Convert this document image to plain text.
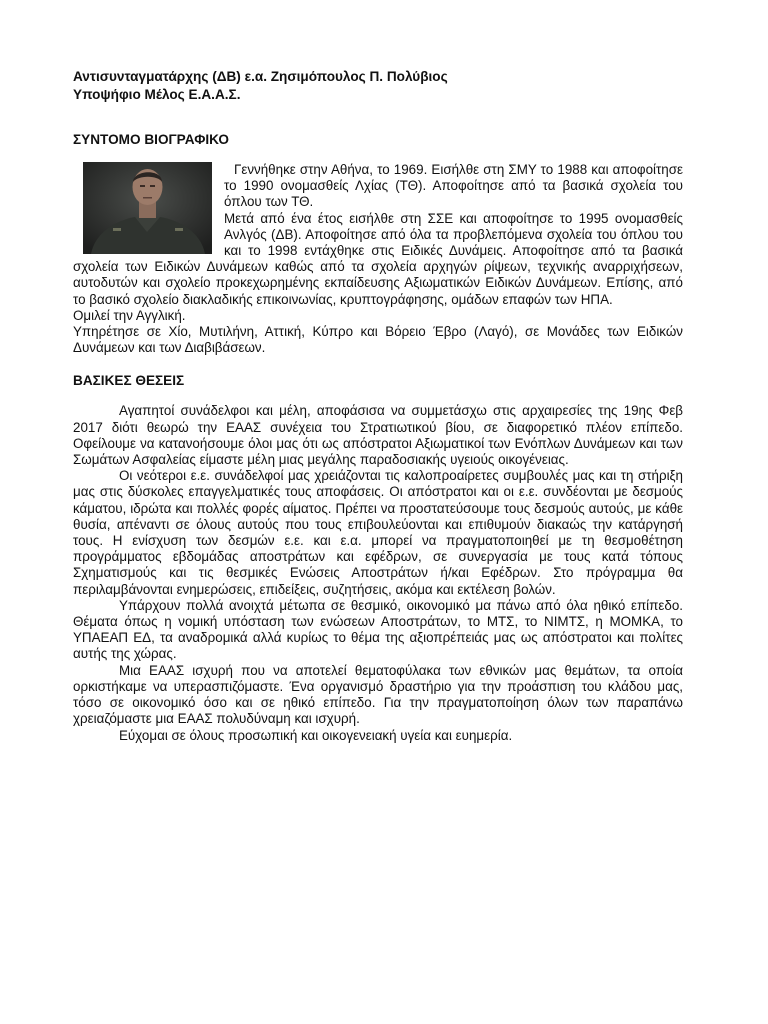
Αντισυνταγματάρχης (ΔΒ) ε.α. Ζησιμόπουλος Π. Πολύβιος
Υποψήφιο Μέλος Ε.Α.Α.Σ.
ΣΥΝΤΟΜΟ ΒΙΟΓΡΑΦΙΚΟ

Γεννήθηκε στην Αθήνα, το 1969. Εισήλθε στη ΣΜΥ το 1988 και αποφοίτησε το 1990 ονομασθείς Λχίας (ΤΘ). Αποφοίτησε από τα βασικά σχολεία του όπλου των ΤΘ.

Μετά από ένα έτος εισήλθε στη ΣΣΕ και αποφοίτησε το 1995 ονομασθείς Ανλγός (ΔΒ). Αποφοίτησε από όλα τα προβλεπόμενα σχολεία του όπλου του και το 1998 εντάχθηκε στις Ειδικές Δυνάμεις. Αποφοίτησε από τα βασικά σχολεία των Ειδικών Δυνάμεων καθώς από τα σχολεία αρχηγών ρίψεων, τεχνικής αναρριχήσεων, αυτοδυτών και σχολείο προκεχωρημένης εκπαίδευσης Αξιωματικών Ειδικών Δυνάμεων. Επίσης, από το βασικό σχολείο διακλαδικής επικοινωνίας, κρυπτογράφησης, ομάδων επαφών των ΗΠΑ.

Ομιλεί την Αγγλική.

Υπηρέτησε σε Χίο, Μυτιλήνη, Αττική, Κύπρο και Βόρειο Έβρο (Λαγό), σε Μονάδες των Ειδικών Δυνάμεων και των Διαβιβάσεων.

ΒΑΣΙΚΕΣ ΘΕΣΕΙΣ

Αγαπητοί συνάδελφοι και μέλη, αποφάσισα να συμμετάσχω στις αρχαιρεσίες της 19ης Φεβ 2017 διότι θεωρώ την ΕΑΑΣ συνέχεια του Στρατιωτικού βίου, σε διαφορετικό πλέον επίπεδο. Οφείλουμε να κατανοήσουμε όλοι μας ότι ως απόστρατοι Αξιωματικοί των Ενόπλων Δυνάμεων και των Σωμάτων Ασφαλείας είμαστε μέλη μιας μεγάλης παραδοσιακής υγειούς οικογένειας.

Οι νεότεροι ε.ε. συνάδελφοί μας χρειάζονται τις καλοπροαίρετες συμβουλές μας και τη στήριξη μας στις δύσκολες επαγγελματικές τους αποφάσεις. Οι απόστρατοι και οι ε.ε. συνδέονται με δεσμούς κάματου, ιδρώτα και πολλές φορές αίματος. Πρέπει να προστατεύσουμε τους δεσμούς αυτούς, με κάθε θυσία, απέναντι σε όλους αυτούς που τους επιβουλεύονται και επιθυμούν διακαώς την κατάργησή τους. Η ενίσχυση των δεσμών ε.ε. και ε.α. μπορεί να πραγματοποιηθεί με τη θεσμοθέτηση προγράμματος εβδομάδας αποστράτων και εφέδρων, σε συνεργασία με τους κατά τόπους Σχηματισμούς και τις θεσμικές Ενώσεις Αποστράτων ή/και Εφέδρων. Στο πρόγραμμα θα περιλαμβάνονται ενημερώσεις, επιδείξεις, συζητήσεις, ακόμα και εκτέλεση βολών.

Υπάρχουν πολλά ανοιχτά μέτωπα σε θεσμικό, οικονομικό μα πάνω από όλα ηθικό επίπεδο. Θέματα όπως η νομική υπόσταση των ενώσεων Αποστράτων, το ΜΤΣ, το ΝΙΜΤΣ, η ΜΟΜΚΑ, το ΥΠΑΕΑΠ ΕΔ, τα αναδρομικά αλλά κυρίως το θέμα της αξιοπρέπειάς μας ως απόστρατοι και πολίτες αυτής της χώρας.

Μια ΕΑΑΣ ισχυρή που να αποτελεί θεματοφύλακα των εθνικών μας θεμάτων, τα οποία ορκιστήκαμε να υπερασπιζόμαστε. Ένα οργανισμό δραστήριο για την προάσπιση του κλάδου μας, τόσο σε οικονομικό όσο και σε ηθικό επίπεδο. Για την πραγματοποίηση όλων των παραπάνω χρειαζόμαστε μια ΕΑΑΣ πολυδύναμη και ισχυρή.

Εύχομαι σε όλους προσωπική και οικογενειακή υγεία και ευημερία.
